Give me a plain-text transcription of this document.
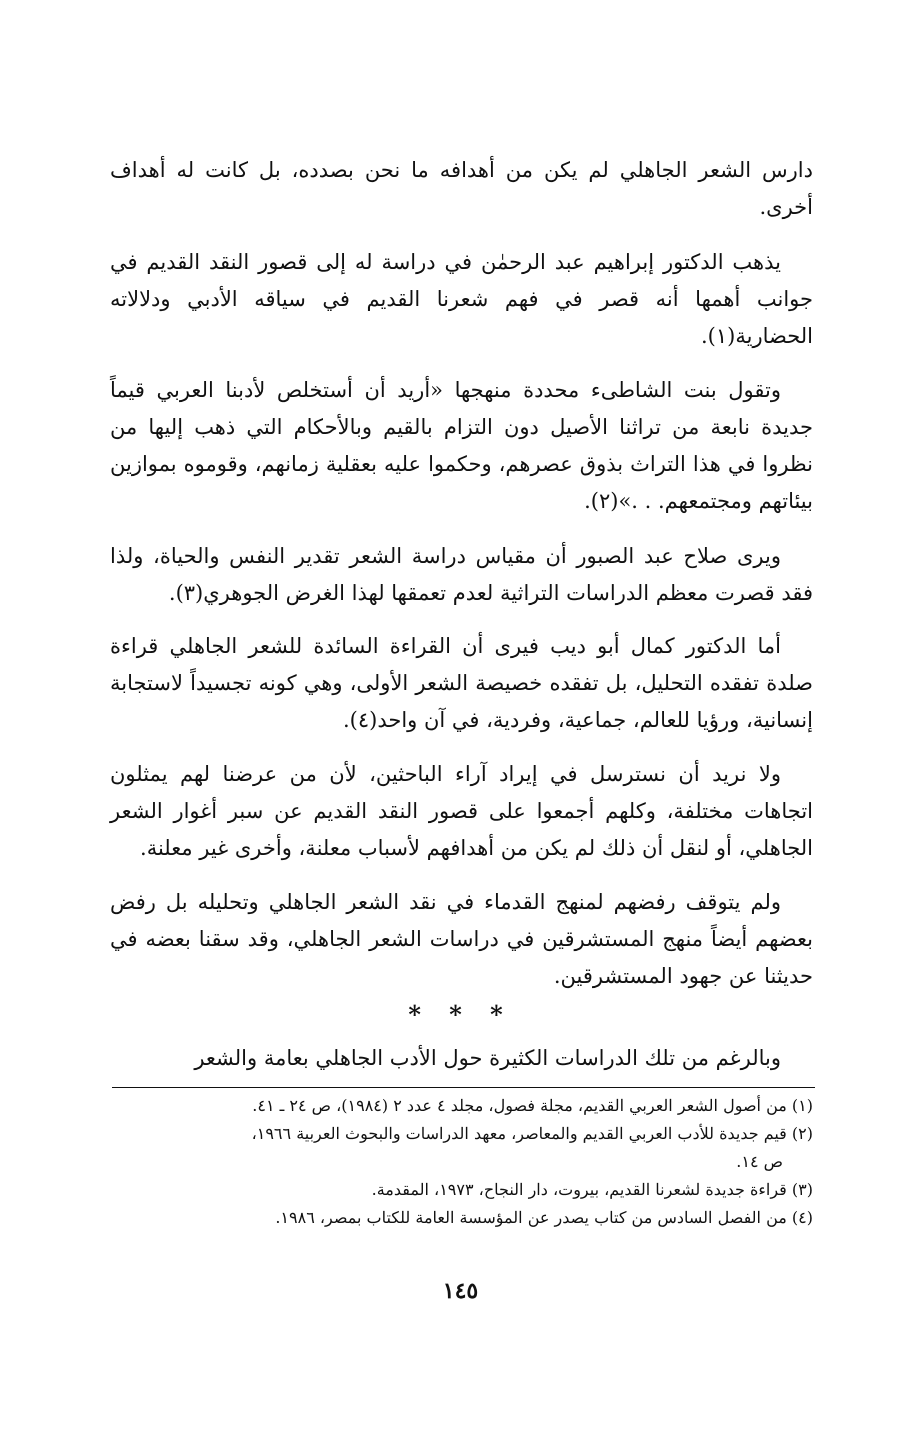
دارس الشعر الجاهلي لم يكن من أهدافه ما نحن بصدده، بل كانت له أهداف أخرى.

يذهب الدكتور إبراهيم عبد الرحمٰن في دراسة له إلى قصور النقد القديم في جوانب أهمها أنه قصر في فهم شعرنا القديم في سياقه الأدبي ودلالاته الحضارية(١).

وتقول بنت الشاطىء محددة منهجها «أريد أن أستخلص لأدبنا العربي قيماً جديدة نابعة من تراثنا الأصيل دون التزام بالقيم وبالأحكام التي ذهب إليها من نظروا في هذا التراث بذوق عصرهم، وحكموا عليه بعقلية زمانهم، وقوموه بموازين بيئاتهم ومجتمعهم. . .»(٢).

ويرى صلاح عبد الصبور أن مقياس دراسة الشعر تقدير النفس والحياة، ولذا فقد قصرت معظم الدراسات التراثية لعدم تعمقها لهذا الغرض الجوهري(٣).

أما الدكتور كمال أبو ديب فيرى أن القراءة السائدة للشعر الجاهلي قراءة صلدة تفقده التحليل، بل تفقده خصيصة الشعر الأولى، وهي كونه تجسيداً لاستجابة إنسانية، ورؤيا للعالم، جماعية، وفردية، في آن واحد(٤).

ولا نريد أن نسترسل في إيراد آراء الباحثين، لأن من عرضنا لهم يمثلون اتجاهات مختلفة، وكلهم أجمعوا على قصور النقد القديم عن سبر أغوار الشعر الجاهلي، أو لنقل أن ذلك لم يكن من أهدافهم لأسباب معلنة، وأخرى غير معلنة.

ولم يتوقف رفضهم لمنهج القدماء في نقد الشعر الجاهلي وتحليله بل رفض بعضهم أيضاً منهج المستشرقين في دراسات الشعر الجاهلي، وقد سقنا بعضه في حديثنا عن جهود المستشرقين.

* * *

وبالرغم من تلك الدراسات الكثيرة حول الأدب الجاهلي بعامة والشعر

(١) من أصول الشعر العربي القديم، مجلة فصول، مجلد ٤ عدد ٢ (١٩٨٤)، ص ٢٤ ـ ٤١.

(٢) قيم جديدة للأدب العربي القديم والمعاصر، معهد الدراسات والبحوث العربية ١٩٦٦،

ص ١٤.

(٣) قراءة جديدة لشعرنا القديم، بيروت، دار النجاح، ١٩٧٣، المقدمة.

(٤) من الفصل السادس من كتاب يصدر عن المؤسسة العامة للكتاب بمصر، ١٩٨٦.

١٤٥
